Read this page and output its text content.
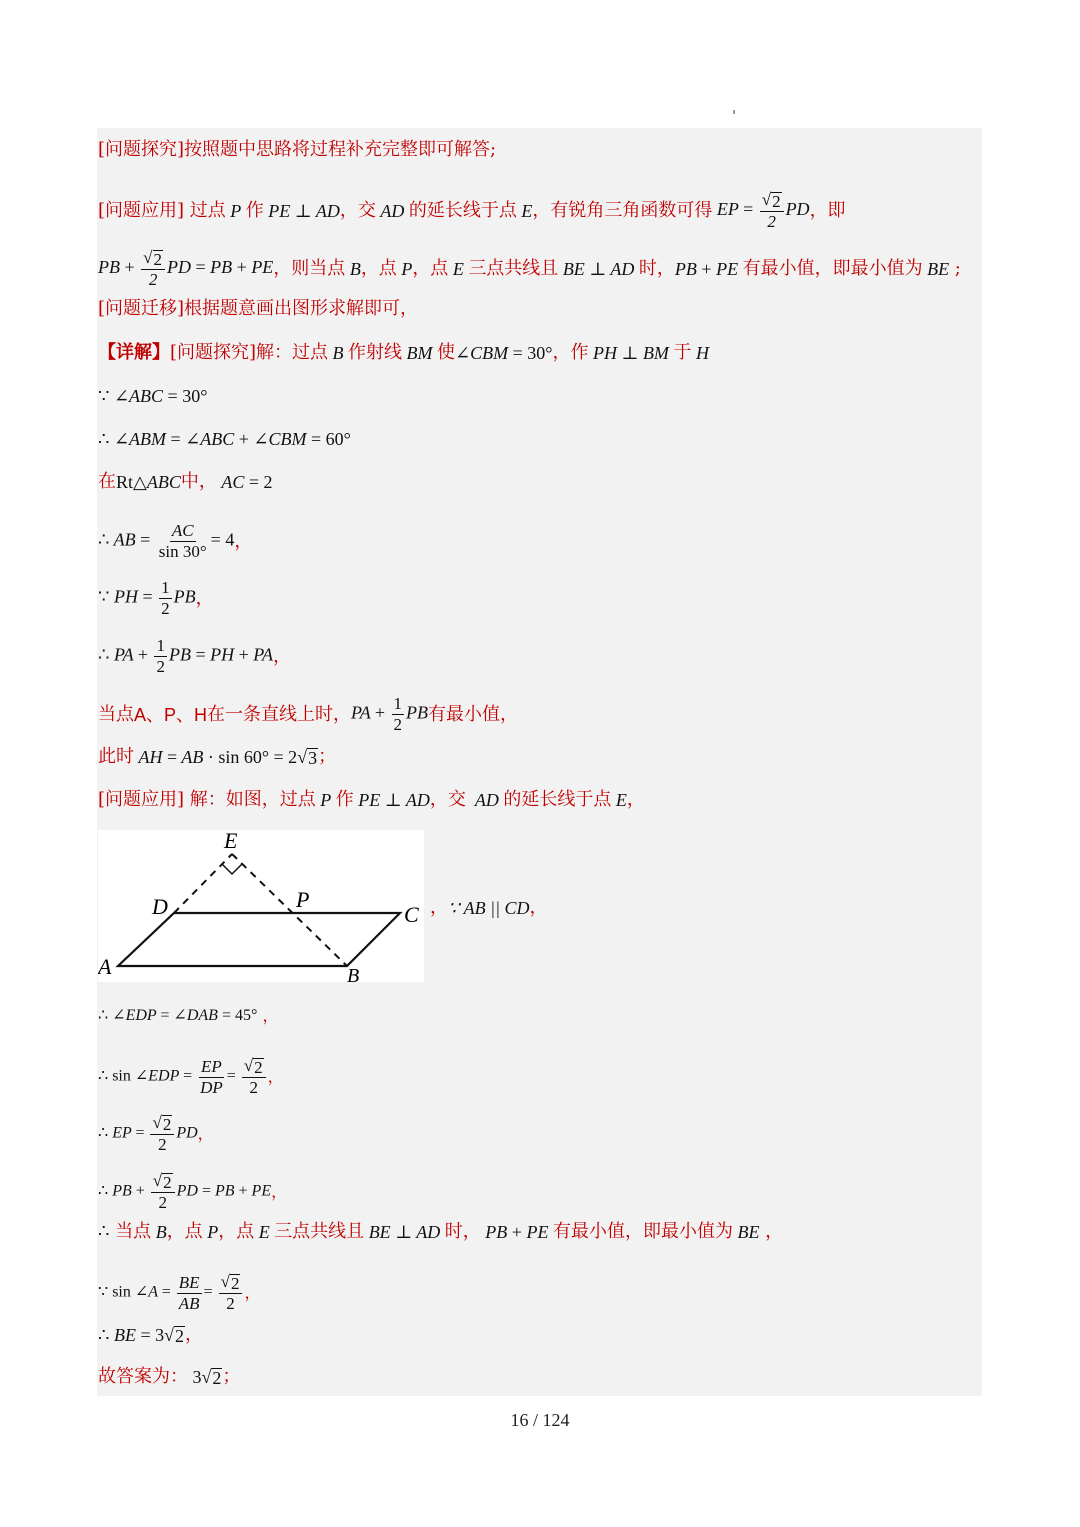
[问题探究]按照题中思路将过程补充完整即可解答;
[问题应用] 过点 P 作 PE ⊥ AD ，交 AD 的延长线于点 E ，有锐角三角函数可得 EP = $\frac{√ 2}{2}$ PD ，即
PB + $\frac{√ 2}{2}$ PD = PB + PE ，则当点 B ，点 P ，点 E 三点共线且 BE ⊥ AD 时， PB + PE 有最小值，即最小值为 BE ;
[问题迁移]根据题意画出图形求解即可，
【详解】 [问题探究]解：过点 B 作射线 BM 使 ∠CBM = 30° ，作 PH ⊥ BM 于 H
∵ ∠ABC = 30°
∴ ∠ABM = ∠ABC + ∠CBM = 60°
在 Rt△ABC 中， AC = 2
∴ AB = $\frac{AC}{\sin 30^\circ} = 4$ ，
∵ PH = $\frac{1}{2}$ PB ，
∴ PA + $\frac{1}{2}$ PB = PH + PA ，
当点 A、P、H 在一条直线上时， PA + $\frac{1}{2}$ PB 有最小值，
此时 AH = AB · sin 60° = 2 √ 3 ；
[问题应用] 解：如图，过点 P 作 PE ⊥ AD ，交 AD 的延长线于点 E ，
E
D	P
C
A	B
， ∵ AB || CD ，
∴ ∠EDP = ∠DAB = 45° ，
∴ sin ∠EDP = $\frac{EP}{DP} = \frac{√ 2}{2}$ ，
∴ EP = $\frac{√ 2}{2}$ PD ，
∴ PB + $\frac{√ 2}{2}$ PD = PB + PE ，
∴ 当点 B ，点 P ，点 E 三点共线且 BE ⊥ AD 时， PB + PE 有最小值，即最小值为 BE ，
∵ sin ∠A = $\frac{BE}{AB} = \frac{√ 2}{2}$ ，
∴ BE = 3 √ 2 ，
故答案为： 3 √ 2 ；
16 / 124
